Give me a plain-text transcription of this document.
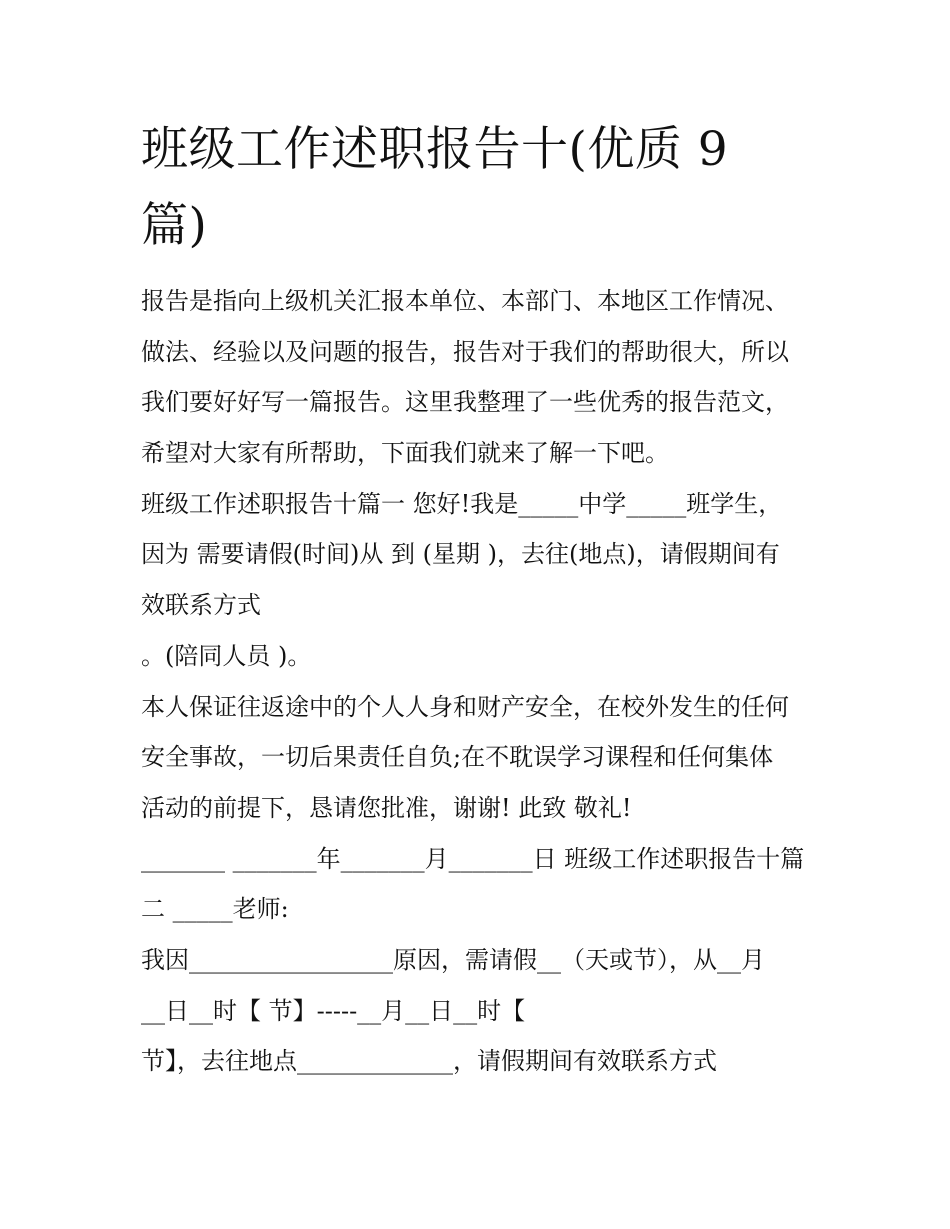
班级工作述职报告十(优质 9
篇)
报告是指向上级机关汇报本单位、本部门、本地区工作情况、
做法、经验以及问题的报告，报告对于我们的帮助很大，所以
我们要好好写一篇报告。这里我整理了一些优秀的报告范文，
希望对大家有所帮助，下面我们就来了解一下吧。
班级工作述职报告十篇一 您好!我是_____中学_____班学生，
因为 需要请假(时间)从 到 (星期 )，去往(地点)，请假期间有
效联系方式
。(陪同人员 )。
本人保证往返途中的个人人身和财产安全，在校外发生的任何
安全事故，一切后果责任自负;在不耽误学习课程和任何集体
活动的前提下，恳请您批准，谢谢! 此致 敬礼!
_______ _______年_______月_______日 班级工作述职报告十篇
二 _____老师:
我因_________________原因，需请假__（天或节），从__月
__日__时【 节】-----__月__日__时【
节】，去往地点_____________，请假期间有效联系方式
